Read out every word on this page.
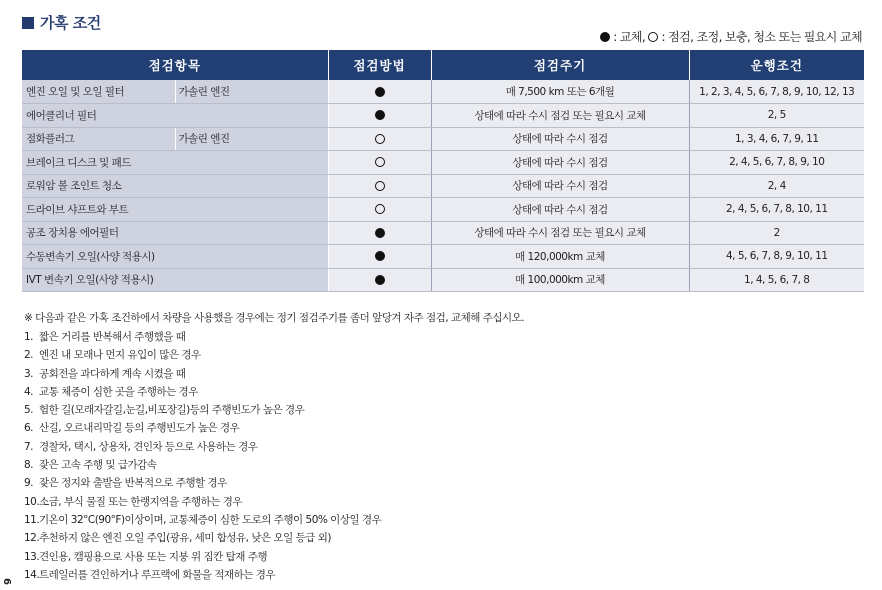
가혹 조건
: 교체, : 점검, 조정, 보충, 청소 또는 필요시 교체
점검항목		점검방법	점검주기	운행조건
엔진 오일 및 오일 필터	가솔린 엔진		매 7,500 km 또는 6개월	1, 2, 3, 4, 5, 6, 7, 8, 9, 10, 12, 13
에어클리너 필터			상태에 따라 수시 점검 또는 필요시 교체	2, 5
점화플러그	가솔린 엔진		상태에 따라 수시 점검	1, 3, 4, 6, 7, 9, 11
브레이크 디스크 및 패드			상태에 따라 수시 점검	2, 4, 5, 6, 7, 8, 9, 10
로워암 볼 조인트 청소			상태에 따라 수시 점검	2, 4
드라이브 샤프트와 부트			상태에 따라 수시 점검	2, 4, 5, 6, 7, 8, 10, 11
공조 장치용 에어필터			상태에 따라 수시 점검 또는 필요시 교체	2
수동변속기 오일(사양 적용시)			매 120,000km 교체	4, 5, 6, 7, 8, 9, 10, 11
IVT 변속기 오일(사양 적용시)			매 100,000km 교체	1, 4, 5, 6, 7, 8
※ 다음과 같은 가혹 조건하에서 차량을 사용했을 경우에는 정기 점검주기를 좀더 앞당겨 자주 점검, 교체해 주십시오.
1. 짧은 거리를 반복해서 주행했을 때
2. 엔진 내 모래나 먼지 유입이 많은 경우
3. 공회전을 과다하게 계속 시켰을 때
4. 교통 체증이 심한 곳을 주행하는 경우
5. 험한 길(모래자갈길,눈길,비포장길)등의 주행빈도가 높은 경우
6. 산길, 오르내리막길 등의 주행빈도가 높은 경우
7. 경찰차, 택시, 상용차, 견인차 등으로 사용하는 경우
8. 잦은 고속 주행 및 급가감속
9. 잦은 정지와 출발을 반복적으로 주행할 경우
10. 소금, 부식 물질 또는 한랭지역을 주행하는 경우
11. 기온이 32°C(90°F)이상이며, 교통체증이 심한 도로의 주행이 50% 이상일 경우
12. 추천하지 않은 엔진 오일 주입(광유, 세미 합성유, 낮은 오일 등급 외)
13. 견인용, 캠핑용으로 사용 또는 지붕 위 짐칸 탑재 주행
14. 트레일러를 견인하거나 루프랙에 화물을 적재하는 경우
6
